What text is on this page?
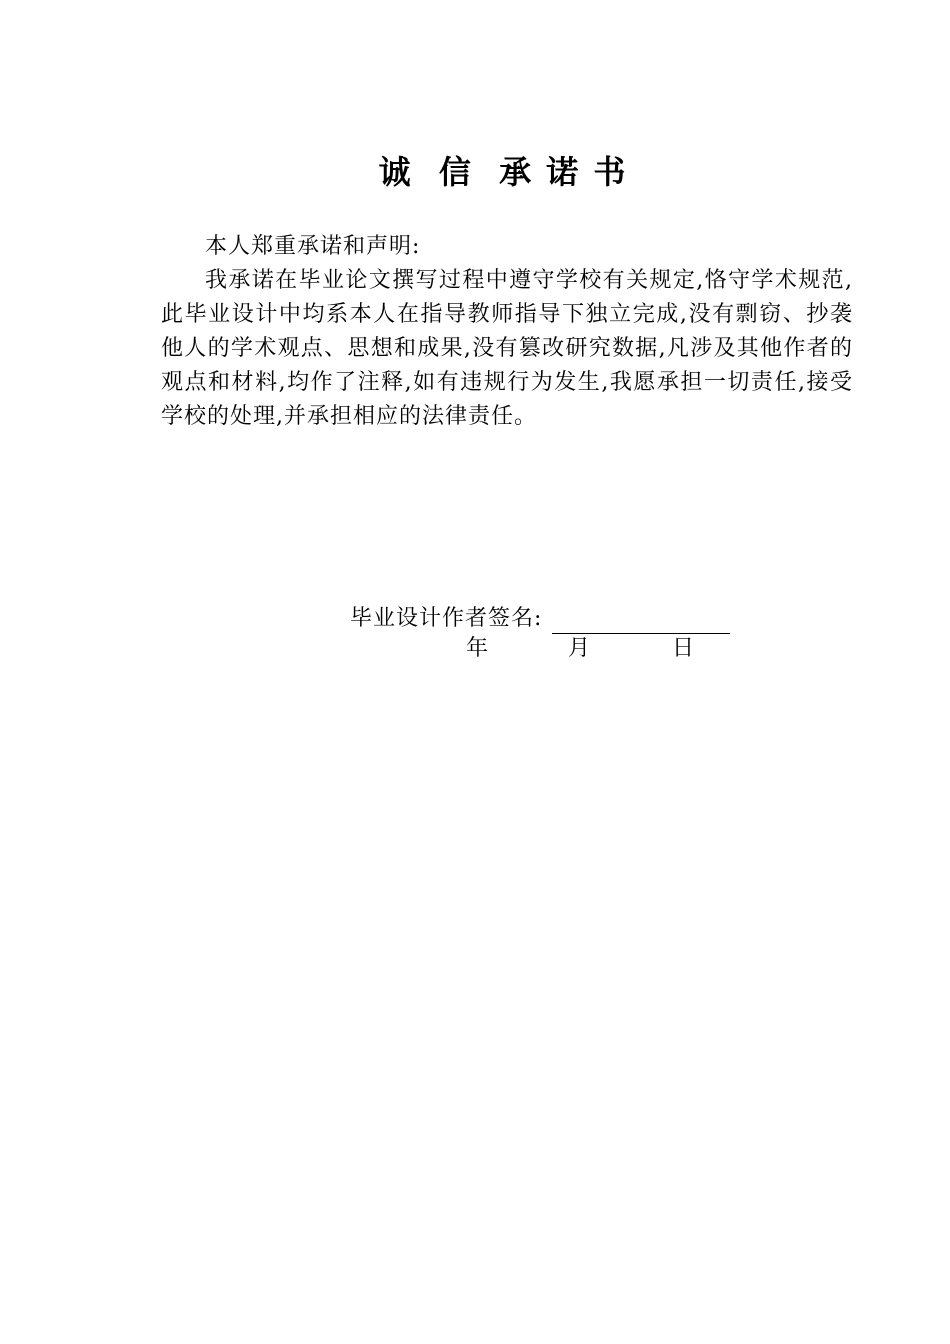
诚  信  承 诺 书

本人郑重承诺和声明:

我承诺在毕业论文撰写过程中遵守学校有关规定,恪守学术规范,此毕业设计中均系本人在指导教师指导下独立完成,没有剽窃、抄袭他人的学术观点、思想和成果,没有篡改研究数据,凡涉及其他作者的观点和材料,均作了注释,如有违规行为发生,我愿承担一切责任,接受学校的处理,并承担相应的法律责任。

毕业设计作者签名:
年	月	日
